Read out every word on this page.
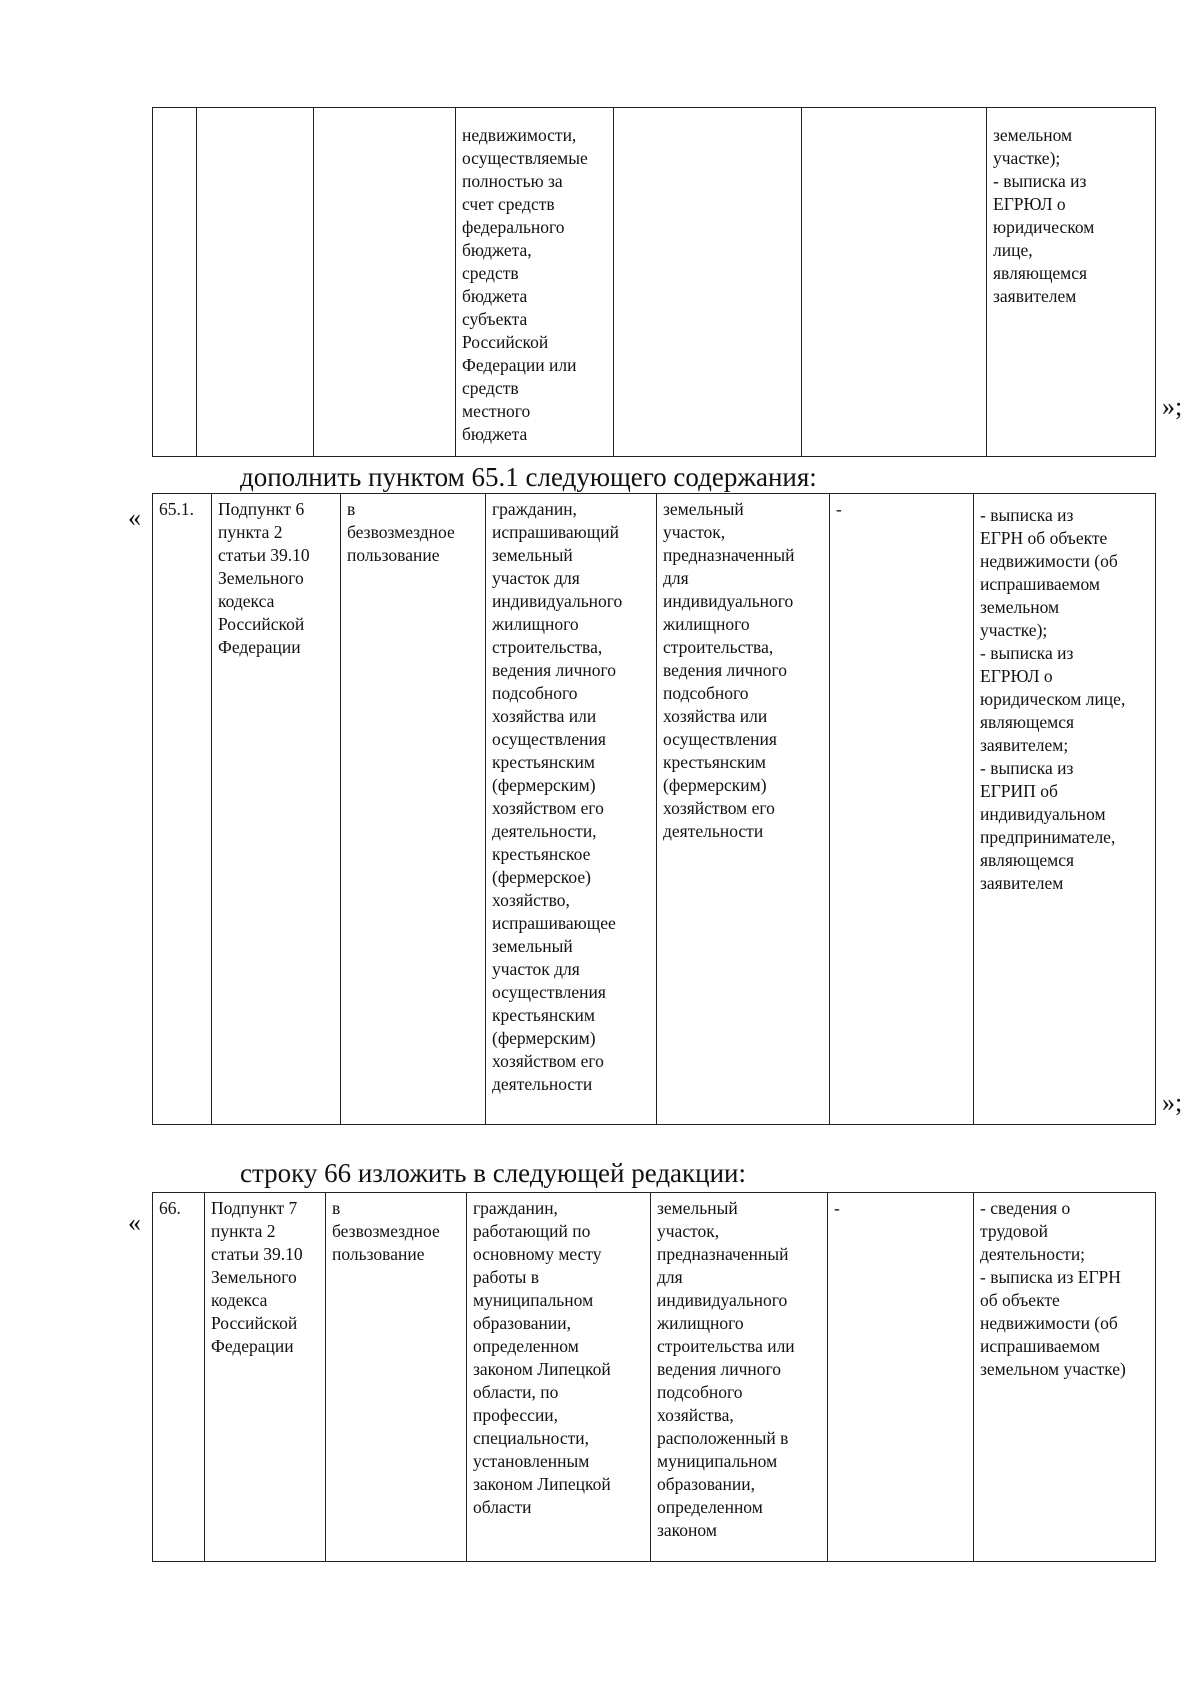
			недвижимости,
осуществляемые
полностью за
счет средств
федерального
бюджета,
средств
бюджета
субъекта
Российской
Федерации или
средств
местного
бюджета			земельном
участке);
- выписка из
ЕГРЮЛ о
юридическом
лице,
являющемся
заявителем
»;
дополнить пунктом 65.1 следующего содержания:
« 65.1.	Подпункт 6
пункта 2
статьи 39.10
Земельного
кодекса
Российской
Федерации	в
безвозмездное
пользование	гражданин,
испрашивающий
земельный
участок для
индивидуального
жилищного
строительства,
ведения личного
подсобного
хозяйства или
осуществления
крестьянским
(фермерским)
хозяйством его
деятельности,
крестьянское
(фермерское)
хозяйство,
испрашивающее
земельный
участок для
осуществления
крестьянским
(фермерским)
хозяйством его
деятельности	земельный
участок,
предназначенный
для
индивидуального
жилищного
строительства,
ведения личного
подсобного
хозяйства или
осуществления
крестьянским
(фермерским)
хозяйством его
деятельности	-	- выписка из
ЕГРН об объекте
недвижимости (об
испрашиваемом
земельном
участке);
- выписка из
ЕГРЮЛ о
юридическом лице,
являющемся
заявителем;
- выписка из
ЕГРИП об
индивидуальном
предпринимателе,
являющемся
заявителем
»;
строку 66 изложить в следующей редакции:
« 66.	Подпункт 7
пункта 2
статьи 39.10
Земельного
кодекса
Российской
Федерации	в
безвозмездное
пользование	гражданин,
работающий по
основному месту
работы в
муниципальном
образовании,
определенном
законом Липецкой
области, по
профессии,
специальности,
установленным
законом Липецкой
области	земельный
участок,
предназначенный
для
индивидуального
жилищного
строительства или
ведения личного
подсобного
хозяйства,
расположенный в
муниципальном
образовании,
определенном
законом	-	- сведения о
трудовой
деятельности;
- выписка из ЕГРН
об объекте
недвижимости (об
испрашиваемом
земельном участке)
